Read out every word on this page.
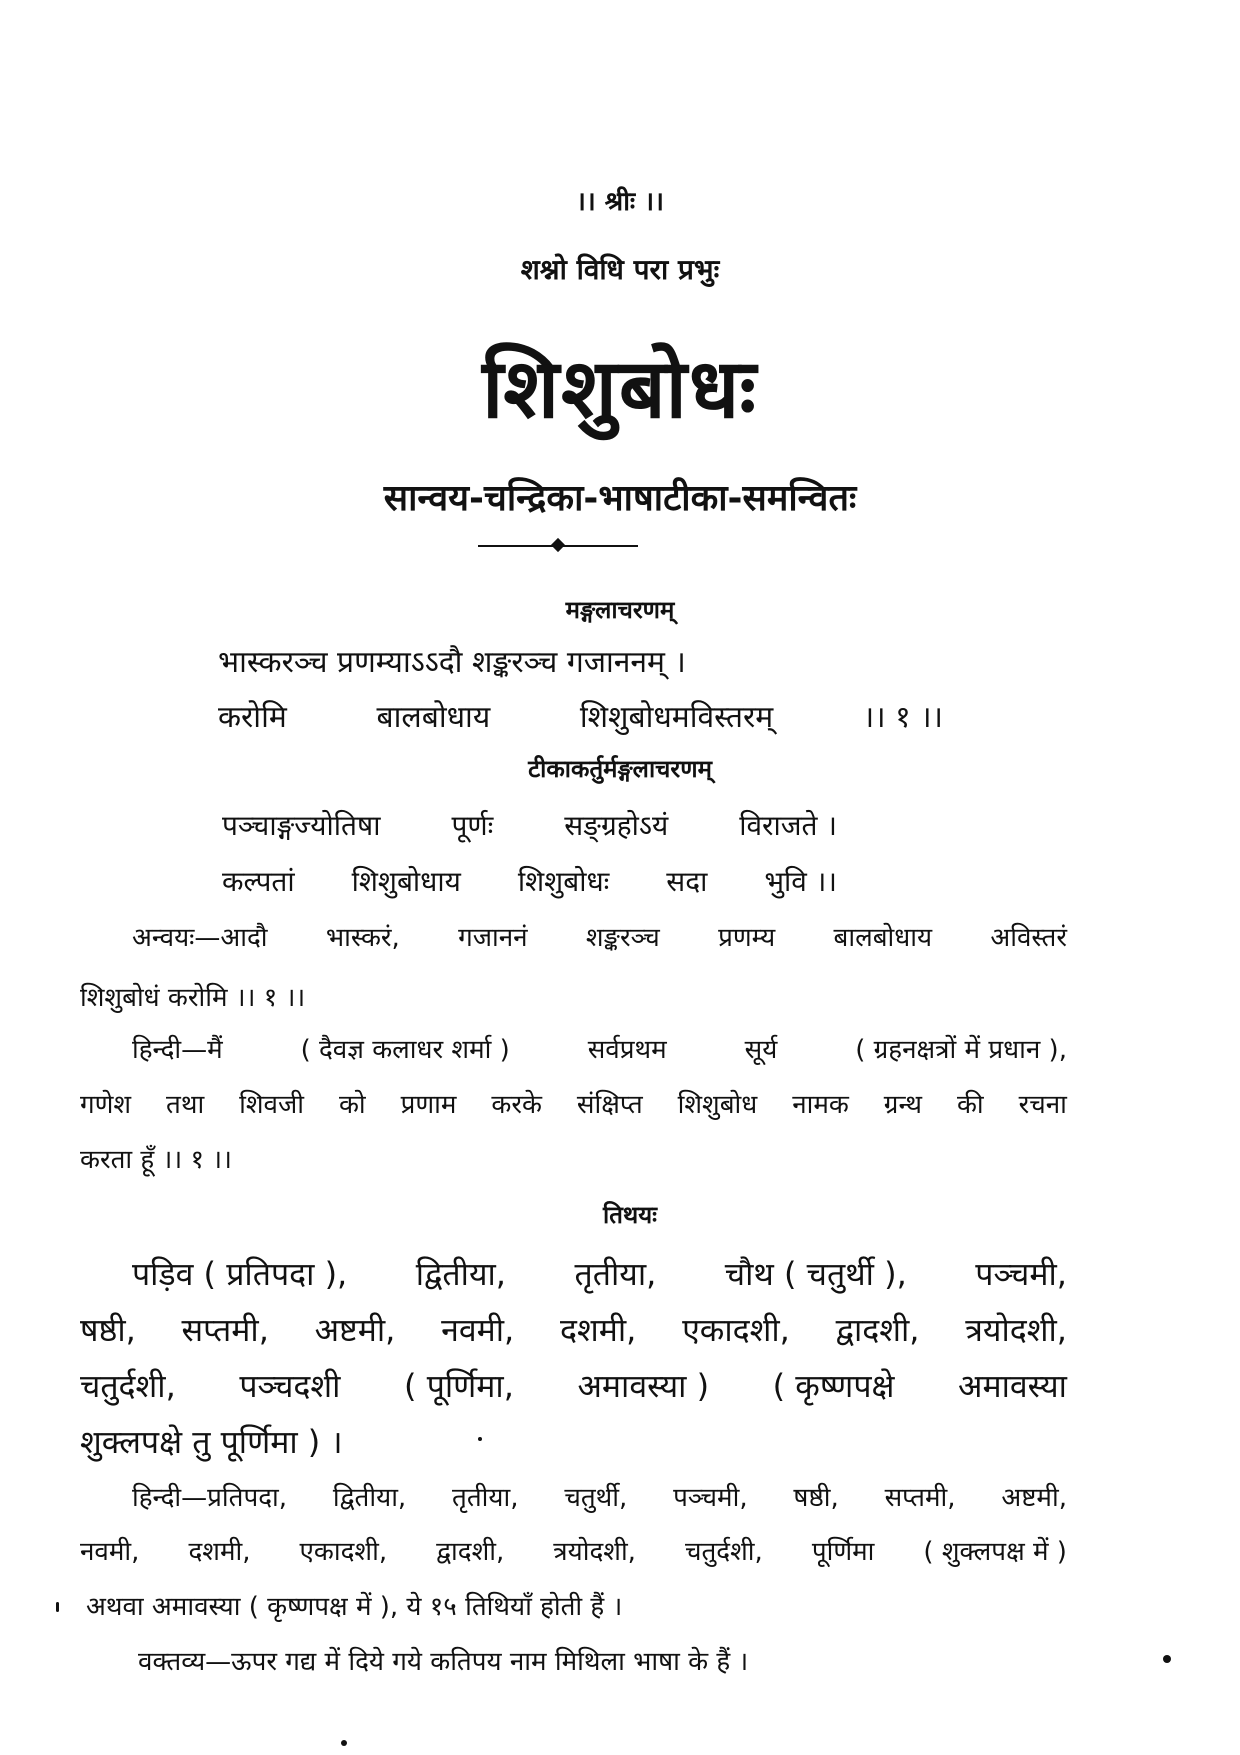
।। श्रीः ।।
शश्नो विधि परा प्रभुः
शिशुबोधः
सान्वय-चन्द्रिका-भाषाटीका-समन्वितः
मङ्गलाचरणम्
भास्करञ्च प्रणम्याऽऽदौ शङ्करञ्च गजाननम् ।
करोमि	बालबोधाय	शिशुबोधमविस्तरम्	।। १ ।।
टीकाकर्तुर्मङ्गलाचरणम्
पञ्चाङ्गज्योतिषा	पूर्णः	सङ्ग्रहोऽयं	विराजते ।
कल्पतां शिशुबोधाय शिशुबोधः सदा भुवि ।।
अन्वयः—आदौ भास्करं, गजाननं शङ्करञ्च प्रणम्य बालबोधाय अविस्तरं
शिशुबोधं करोमि ।। १ ।।
हिन्दी—मैं	( दैवज्ञ कलाधर शर्मा )	सर्वप्रथम	सूर्य	( ग्रहनक्षत्रों में प्रधान ),
गणेश तथा शिवजी को प्रणाम करके संक्षिप्त शिशुबोध नामक ग्रन्थ की रचना
करता हूँ ।। १ ।।
तिथयः
पड़िव ( प्रतिपदा ), द्वितीया, तृतीया, चौथ ( चतुर्थी ), पञ्चमी,
षष्ठी, सप्तमी, अष्टमी, नवमी, दशमी, एकादशी, द्वादशी, त्रयोदशी,
चतुर्दशी, पञ्चदशी ( पूर्णिमा, अमावस्या ) ( कृष्णपक्षे अमावस्या
शुक्लपक्षे तु पूर्णिमा ) ।
हिन्दी—प्रतिपदा, द्वितीया, तृतीया, चतुर्थी, पञ्चमी, षष्ठी, सप्तमी, अष्टमी,
नवमी, दशमी, एकादशी, द्वादशी, त्रयोदशी, चतुर्दशी, पूर्णिमा ( शुक्लपक्ष में )
अथवा अमावस्या ( कृष्णपक्ष में ), ये १५ तिथियाँ होती हैं ।
वक्तव्य—ऊपर गद्य में दिये गये कतिपय नाम मिथिला भाषा के हैं ।
